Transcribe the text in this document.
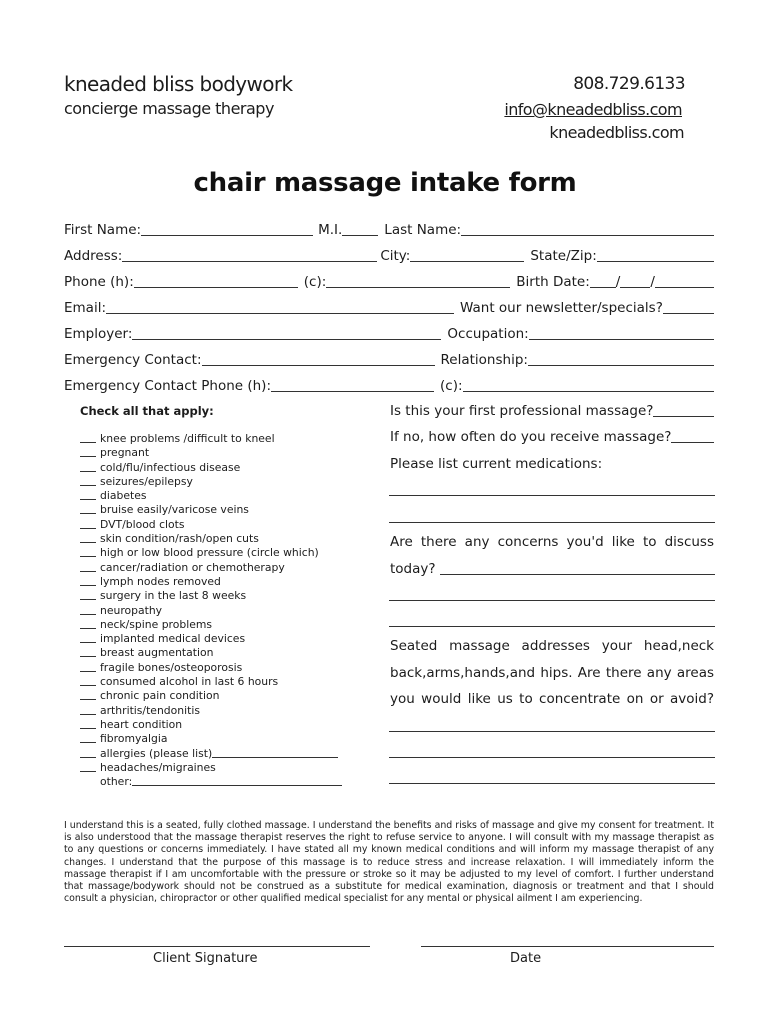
kneaded bliss bodywork
concierge massage therapy
808.729.6133
info@kneadedbliss.com
kneadedbliss.com
chair massage intake form
First Name:	M.I.	Last Name:
Address:	City:	State/Zip:
Phone (h):	(c):	Birth Date: / /
Email:	Want our newsletter/specials?
Employer:	Occupation:
Emergency Contact:	Relationship:
Emergency Contact Phone (h):	(c):
Check all that apply:
knee problems /difficult to kneel
pregnant
cold/flu/infectious disease
seizures/epilepsy
diabetes
bruise easily/varicose veins
DVT/blood clots
skin condition/rash/open cuts
high or low blood pressure (circle which)
cancer/radiation or chemotherapy
lymph nodes removed
surgery in the last 8 weeks
neuropathy
neck/spine problems
implanted medical devices
breast augmentation
fragile bones/osteoporosis
consumed alcohol in last 6 hours
chronic pain condition
arthritis/tendonitis
heart condition
fibromyalgia
allergies (please list)
headaches/migraines
other:
Is this your first professional massage?
If no, how often do you receive massage?
Please list current medications:
Are there any concerns you'd like to discuss today?
Seated massage addresses your head,neck back,arms,hands,and hips. Are there any areas you would like us to concentrate on or avoid?
I understand this is a seated, fully clothed massage. I understand the benefits and risks of massage and give my consent for treatment. It is also understood that the massage therapist reserves the right to refuse service to anyone. I will consult with my massage therapist as to any questions or concerns immediately. I have stated all my known medical conditions and will inform my massage therapist of any changes. I understand that the purpose of this massage is to reduce stress and increase relaxation. I will immediately inform the massage therapist if I am uncomfortable with the pressure or stroke so it may be adjusted to my level of comfort. I further understand that massage/bodywork should not be construed as a substitute for medical examination, diagnosis or treatment and that I should consult a physician, chiropractor or other qualified medical specialist for any mental or physical ailment I am experiencing.
Client Signature	Date
